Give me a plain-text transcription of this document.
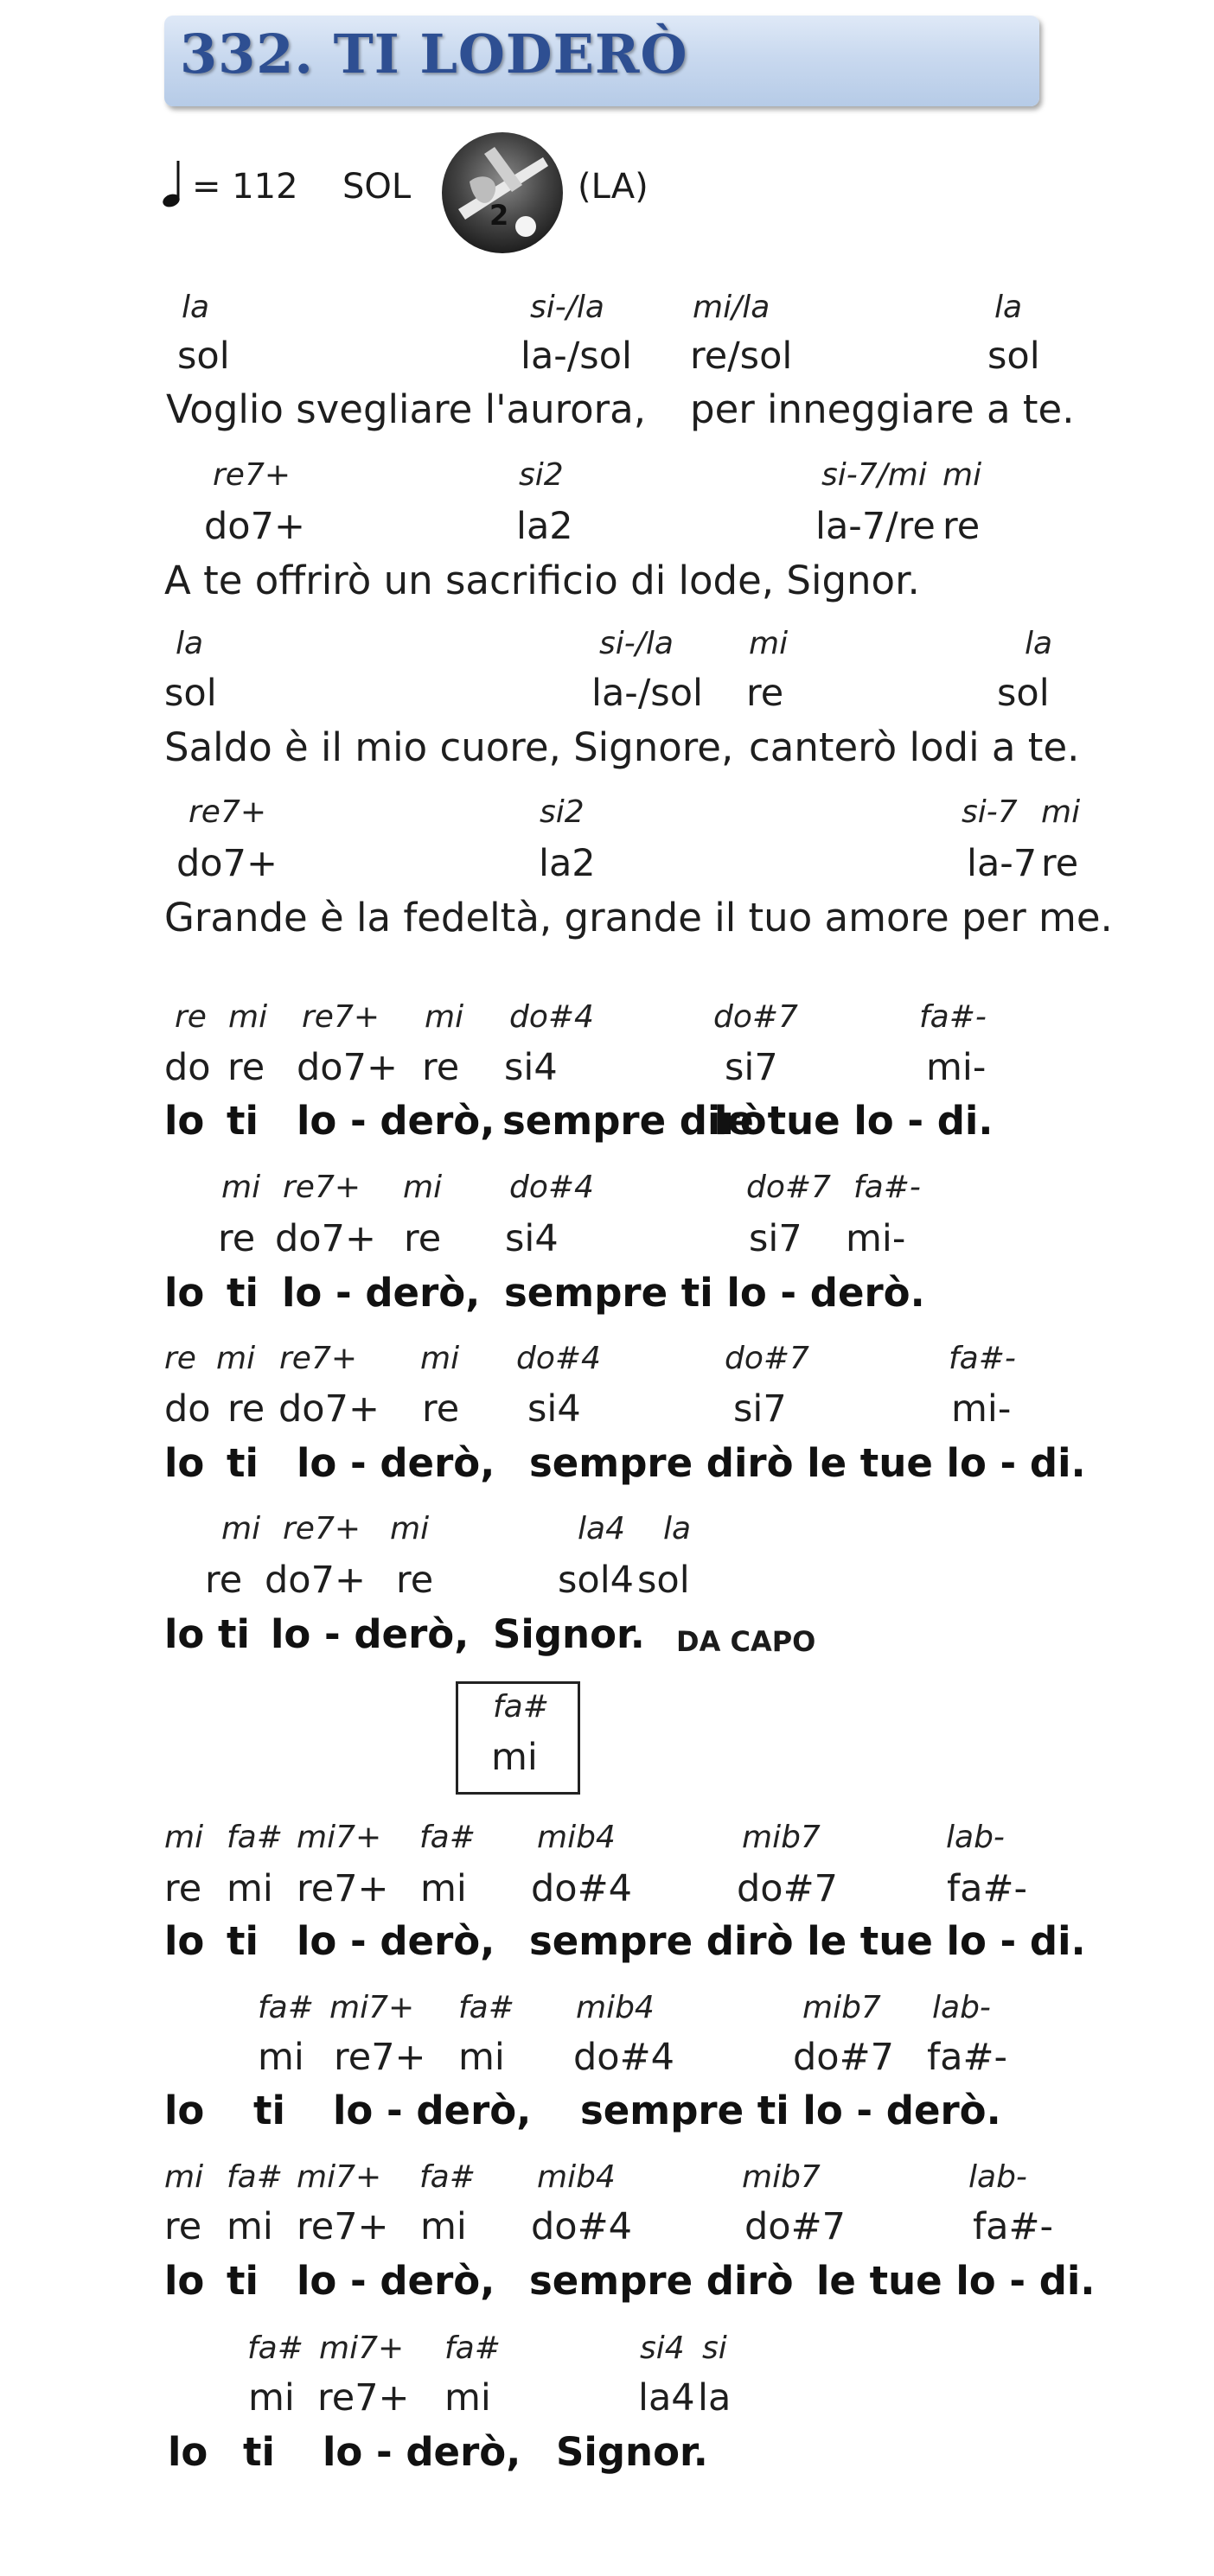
332. TI LODERÒ
= 112 SOL
2
(LA)
la	si-/la	mi/la	la
sol	la-/sol re/sol	sol
Voglio svegliare l'aurora, per inneggiare a te.
re7+	si2	si-7/mi mi
do7+	la2	la-7/re re
A te offrirò un sacrificio di lode, Signor.
la	si-/la mi	la
sol	la-/sol re	sol
Saldo è il mio cuore, Signore, canterò lodi a te.
re7+	si2	si-7 mi
do7+	la2	la-7 re
Grande è la fedeltà, grande il tuo amore per me.
re mi re7+ mi do#4	do#7	fa#-
do re do7+ re si4	si7	mi-
lo ti lo - derò, sempre dirò
le tue lo - di.
mi re7+ mi do#4	do#7 fa#-
re do7+ re si4	si7 mi-
lo ti lo - derò, sempre ti lo - derò.
re mi re7+ mi do#4	do#7	fa#-
do re do7+ re si4	si7	mi-
lo ti lo - derò, sempre dirò le tue lo - di.
mi re7+ mi	la4 la
re do7+ re	sol4 sol
lo ti lo - derò, Signor.
mi fa# mi7+ fa# mib4	mib7	lab-
re mi re7+ mi do#4	do#7	fa#-
lo ti lo - derò, sempre dirò le tue lo - di.
fa# mi7+ fa# mib4	mib7 lab-
mi re7+ mi do#4	do#7 fa#-
lo ti lo - derò, sempre ti lo - derò.
mi fa# mi7+ fa# mib4	mib7	lab-
re mi re7+ mi do#4	do#7	fa#-
lo ti lo - derò, sempre dirò le tue lo - di.
fa# mi7+ fa#	si4 si
mi re7+ mi	la4 la
lo ti lo - derò, Signor.
DA CAPO
fa#
mi
